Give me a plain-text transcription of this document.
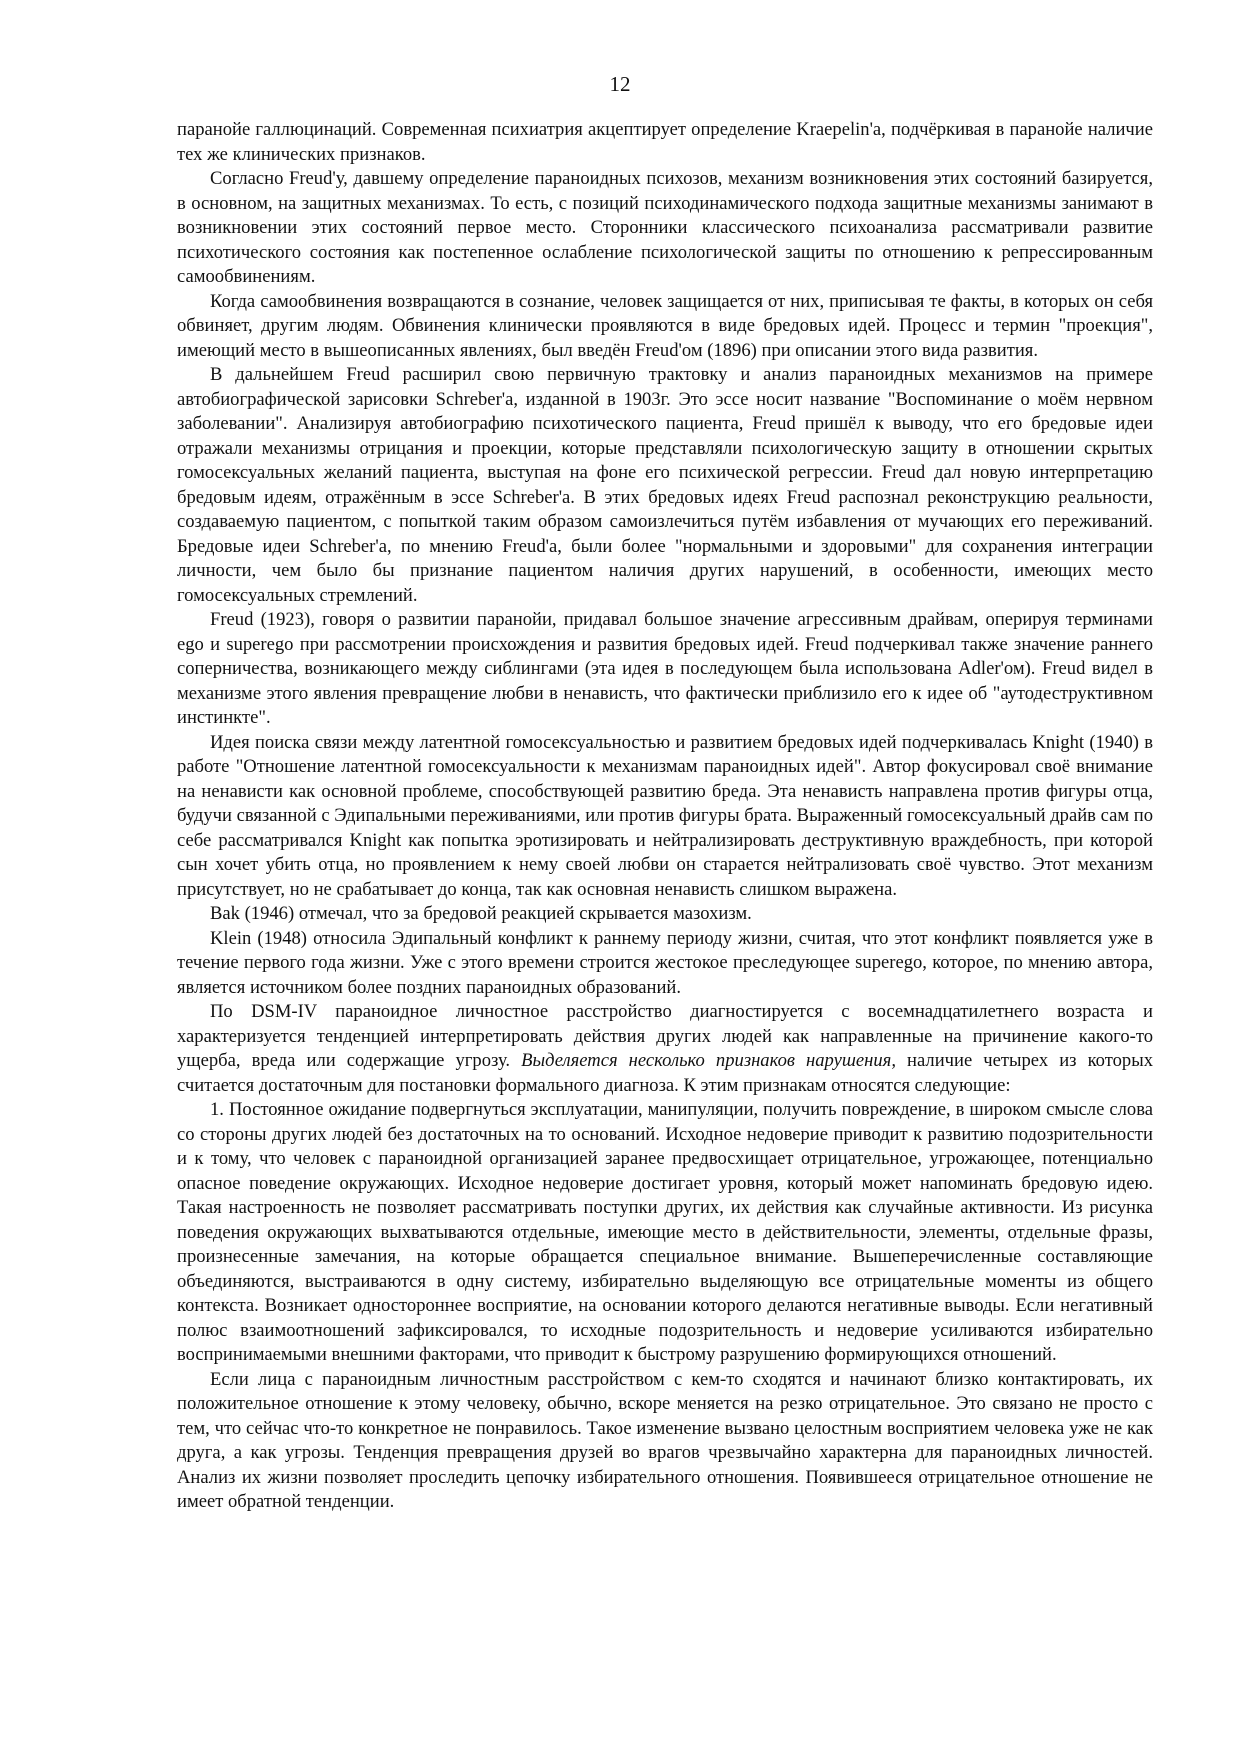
12

паранойе галлюцинаций. Современная психиатрия акцептирует определение Kraepelin'а, подчёркивая в паранойе наличие тех же клинических признаков.

Согласно Freud'у, давшему определение параноидных психозов, механизм возникновения этих состояний базируется, в основном, на защитных механизмах. То есть, с позиций психодинамического подхода защитные механизмы занимают в возникновении этих состояний первое место. Сторонники классического психоанализа рассматривали развитие психотического состояния как постепенное ослабление психологической защиты по отношению к репрессированным самообвинениям.

Когда самообвинения возвращаются в сознание, человек защищается от них, приписывая те факты, в которых он себя обвиняет, другим людям. Обвинения клинически проявляются в виде бредовых идей. Процесс и термин "проекция", имеющий место в вышеописанных явлениях, был введён Freud'ом (1896) при описании этого вида развития.

В дальнейшем Freud расширил свою первичную трактовку и анализ параноидных механизмов на примере автобиографической зарисовки Schreber'а, изданной в 1903г. Это эссе носит название "Воспоминание о моём нервном заболевании". Анализируя автобиографию психотического пациента, Freud пришёл к выводу, что его бредовые идеи отражали механизмы отрицания и проекции, которые представляли психологическую защиту в отношении скрытых гомосексуальных желаний пациента, выступая на фоне его психической регрессии. Freud дал новую интерпретацию бредовым идеям, отражённым в эссе Schreber'а. В этих бредовых идеях Freud распознал реконструкцию реальности, создаваемую пациентом, с попыткой таким образом самоизлечиться путём избавления от мучающих его переживаний. Бредовые идеи Schreber'а, по мнению Freud'а, были более "нормальными и здоровыми" для сохранения интеграции личности, чем было бы признание пациентом наличия других нарушений, в особенности, имеющих место гомосексуальных стремлений.

Freud (1923), говоря о развитии паранойи, придавал большое значение агрессивным драйвам, оперируя терминами ego и superego при рассмотрении происхождения и развития бредовых идей. Freud подчеркивал также значение раннего соперничества, возникающего между сиблингами (эта идея в последующем была использована Adler'ом). Freud видел в механизме этого явления превращение любви в ненависть, что фактически приблизило его к идее об "аутодеструктивном инстинкте".

Идея поиска связи между латентной гомосексуальностью и развитием бредовых идей подчеркивалась Knight (1940) в работе "Отношение латентной гомосексуальности к механизмам параноидных идей". Автор фокусировал своё внимание на ненависти как основной проблеме, способствующей развитию бреда. Эта ненависть направлена против фигуры отца, будучи связанной с Эдипальными переживаниями, или против фигуры брата. Выраженный гомосексуальный драйв сам по себе рассматривался Knight как попытка эротизировать и нейтрализировать деструктивную враждебность, при которой сын хочет убить отца, но проявлением к нему своей любви он старается нейтрализовать своё чувство. Этот механизм присутствует, но не срабатывает до конца, так как основная ненависть слишком выражена.

Bak (1946) отмечал, что за бредовой реакцией скрывается мазохизм.

Klein (1948) относила Эдипальный конфликт к раннему периоду жизни, считая, что этот конфликт появляется уже в течение первого года жизни. Уже с этого времени строится жестокое преследующее superego, которое, по мнению автора, является источником более поздних параноидных образований.

По DSM-IV параноидное личностное расстройство диагностируется с восемнадцатилетнего возраста и характеризуется тенденцией интерпретировать действия других людей как направленные на причинение какого-то ущерба, вреда или содержащие угрозу. Выделяется несколько признаков нарушения, наличие четырех из которых считается достаточным для постановки формального диагноза. К этим признакам относятся следующие:

1. Постоянное ожидание подвергнуться эксплуатации, манипуляции, получить повреждение, в широком смысле слова со стороны других людей без достаточных на то оснований. Исходное недоверие приводит к развитию подозрительности и к тому, что человек с параноидной организацией заранее предвосхищает отрицательное, угрожающее, потенциально опасное поведение окружающих. Исходное недоверие достигает уровня, который может напоминать бредовую идею. Такая настроенность не позволяет рассматривать поступки других, их действия как случайные активности. Из рисунка поведения окружающих выхватываются отдельные, имеющие место в действительности, элементы, отдельные фразы, произнесенные замечания, на которые обращается специальное внимание. Вышеперечисленные составляющие объединяются, выстраиваются в одну систему, избирательно выделяющую все отрицательные моменты из общего контекста. Возникает одностороннее восприятие, на основании которого делаются негативные выводы. Если негативный полюс взаимоотношений зафиксировался, то исходные подозрительность и недоверие усиливаются избирательно воспринимаемыми внешними факторами, что приводит к быстрому разрушению формирующихся отношений.

Если лица с параноидным личностным расстройством с кем-то сходятся и начинают близко контактировать, их положительное отношение к этому человеку, обычно, вскоре меняется на резко отрицательное. Это связано не просто с тем, что сейчас что-то конкретное не понравилось. Такое изменение вызвано целостным восприятием человека уже не как друга, а как угрозы. Тенденция превращения друзей во врагов чрезвычайно характерна для параноидных личностей. Анализ их жизни позволяет проследить цепочку избирательного отношения. Появившееся отрицательное отношение не имеет обратной тенденции.
